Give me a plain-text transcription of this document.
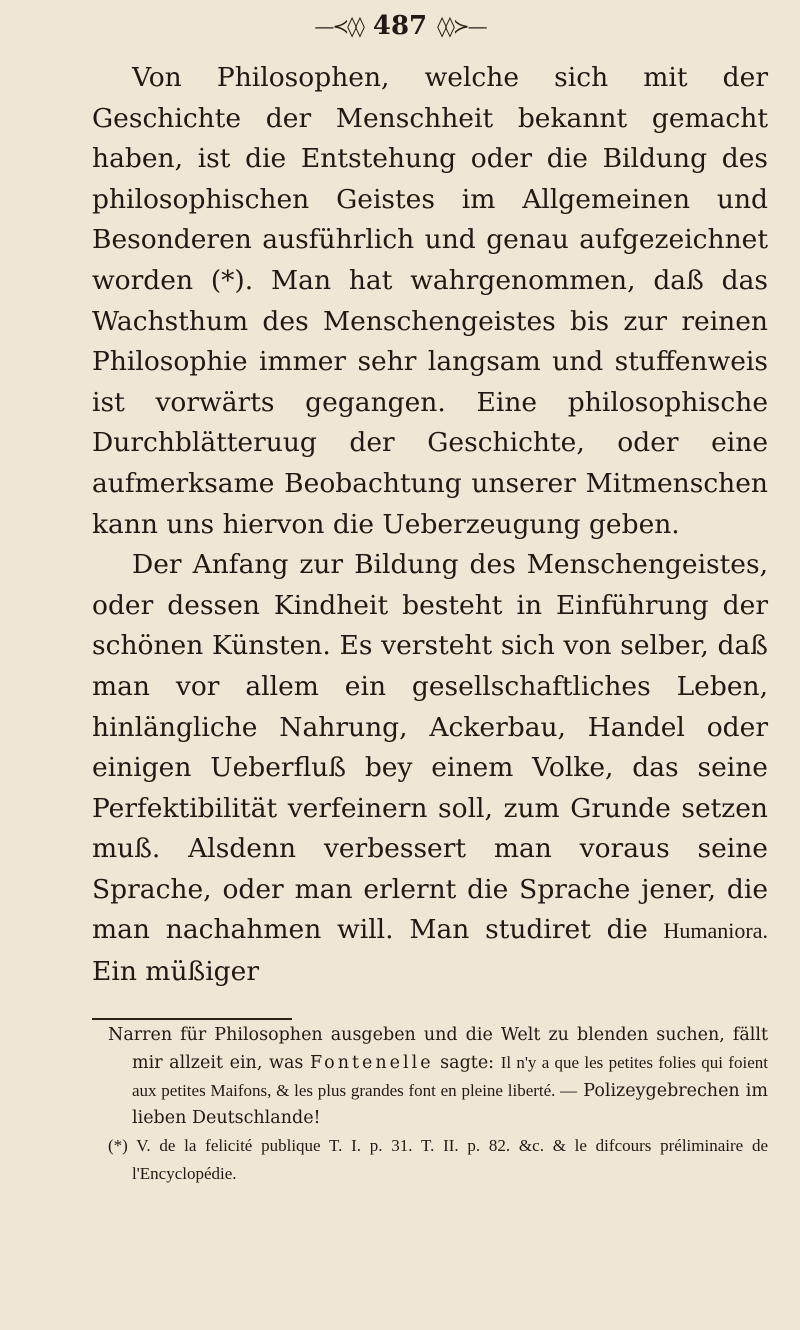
—≺◊◊ 487 ◊◊≻—

Von Philosophen, welche sich mit der Geschichte der Menschheit bekannt gemacht haben, ist die Entstehung oder die Bildung des philosophischen Geistes im Allgemeinen und Besonderen ausführlich und genau aufgezeichnet worden (*). Man hat wahrgenommen, daß das Wachsthum des Menschengeistes bis zur reinen Philosophie immer sehr langsam und stuffenweis ist vorwärts gegangen. Eine philosophische Durchblätteruug der Geschichte, oder eine aufmerksame Beobachtung unserer Mitmenschen kann uns hiervon die Ueberzeugung geben.

Der Anfang zur Bildung des Menschengeistes, oder dessen Kindheit besteht in Einführung der schönen Künsten. Es versteht sich von selber, daß man vor allem ein gesellschaftliches Leben, hinlängliche Nahrung, Ackerbau, Handel oder einigen Ueberfluß bey einem Volke, das seine Perfektibilität verfeinern soll, zum Grunde setzen muß. Alsdenn verbessert man voraus seine Sprache, oder man erlernt die Sprache jener, die man nachahmen will. Man studiret die Humaniora. Ein müßiger

Narren für Philosophen ausgeben und die Welt zu blenden suchen, fällt mir allzeit ein, was Fontenelle sagte: Il n'y a que les petites folies qui foient aux petites Maifons, & les plus grandes font en pleine liberté. — Polizeygebrechen im lieben Deutschlande!

(*) V. de la felicité publique T. I. p. 31. T. II. p. 82. &c. & le difcours préliminaire de l'Encyclopédie.
